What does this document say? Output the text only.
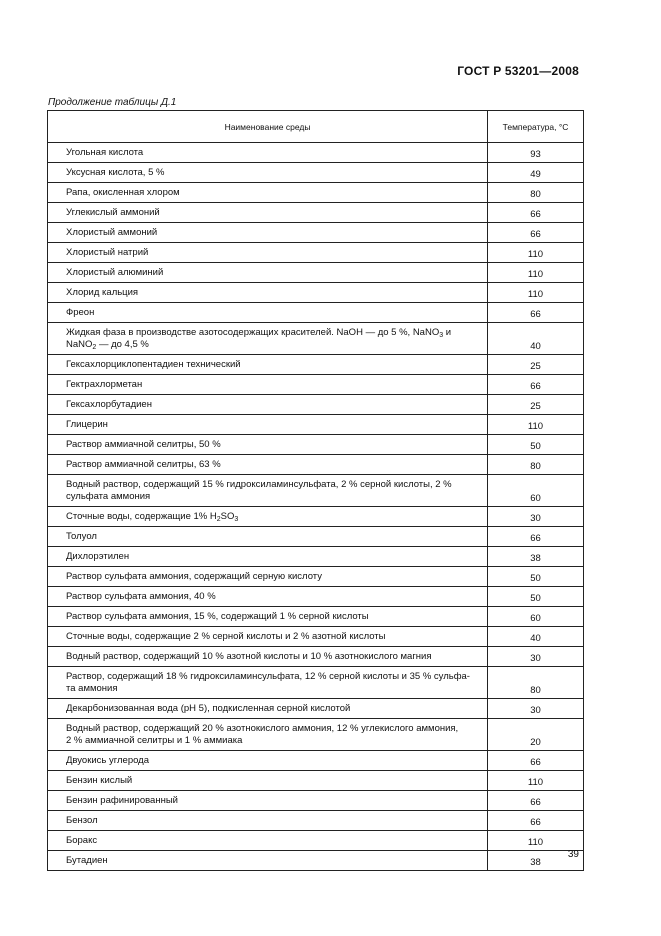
ГОСТ Р 53201—2008
Продолжение таблицы Д.1
Наименование среды	Температура, °С
Угольная кислота	93
Уксусная кислота, 5 %	49
Рапа, окисленная хлором	80
Углекислый аммоний	66
Хлористый аммоний	66
Хлористый натрий	110
Хлористый алюминий	110
Хлорид кальция	110
Фреон	66
Жидкая фаза в производстве азотосодержащих красителей. NaOH — до 5 %, NaNO$_3$ и
NaNO$_2$ — до 4,5 %	40
Гексахлорциклопентадиен технический	25
Гектрахлорметан	66
Гексахлорбутадиен	25
Глицерин	110
Раствор аммиачной селитры, 50 %	50
Раствор аммиачной селитры, 63 %	80
Водный раствор, содержащий 15 % гидроксиламинсульфата, 2 % серной кислоты, 2 %
сульфата аммония	60
Сточные воды, содержащие 1% $H_2SO_3$	30
Толуол	66
Дихлорэтилен	38
Раствор сульфата аммония, содержащий серную кислоту	50
Раствор сульфата аммония, 40 %	50
Раствор сульфата аммония, 15 %, содержащий 1 % серной кислоты	60
Сточные воды, содержащие 2 % серной кислоты и 2 % азотной кислоты	40
Водный раствор, содержащий 10 % азотной кислоты и 10 % азотнокислого магния	30
Раствор, содержащий 18 % гидроксиламинсульфата, 12 % серной кислоты и 35 % сульфа-
та аммония	80
Декарбонизованная вода (pH 5), подкисленная серной кислотой	30
Водный раствор, содержащий 20 % азотнокислого аммония, 12 % углекислого аммония,
2 % аммиачной селитры и 1 % аммиака	20
Двуокись углерода	66
Бензин кислый	110
Бензин рафинированный	66
Бензол	66
Боракс	110
Бутадиен	38
39
